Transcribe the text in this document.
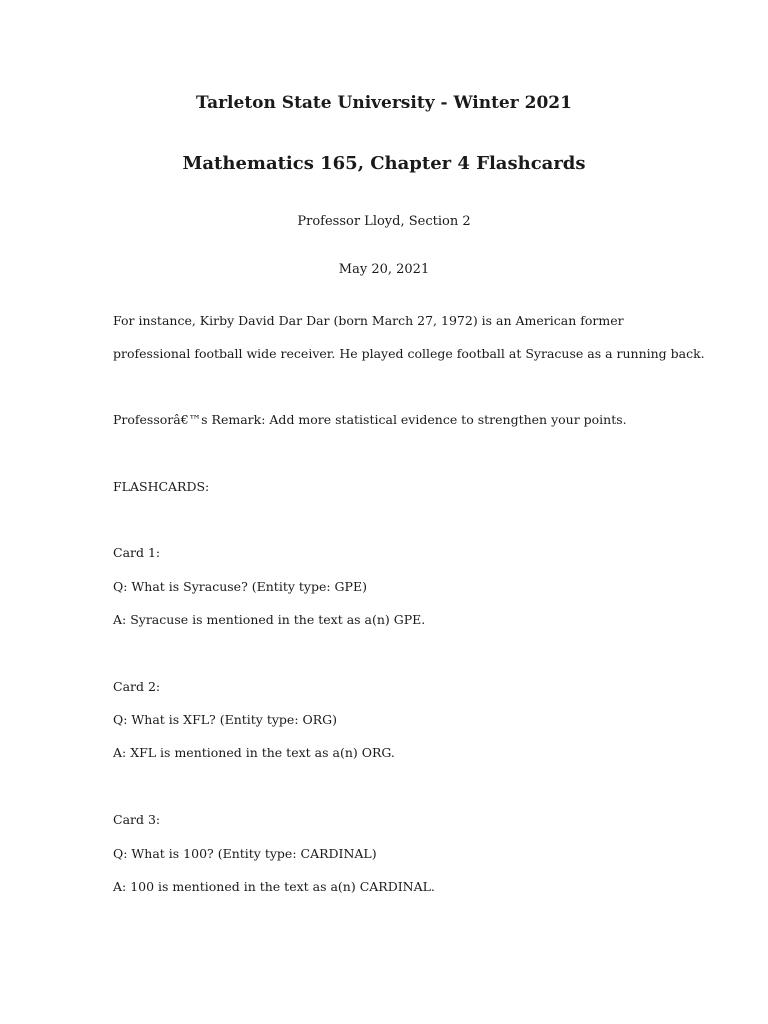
Tarleton State University - Winter 2021
Mathematics 165, Chapter 4 Flashcards

Professor Lloyd, Section 2

May 20, 2021

For instance, Kirby David Dar Dar (born March 27, 1972) is an American former

professional football wide receiver. He played college football at Syracuse as a running back.

Professorâ€™s Remark: Add more statistical evidence to strengthen your points.

FLASHCARDS:

Card 1:

Q: What is Syracuse? (Entity type: GPE)

A: Syracuse is mentioned in the text as a(n) GPE.

Card 2:

Q: What is XFL? (Entity type: ORG)

A: XFL is mentioned in the text as a(n) ORG.

Card 3:

Q: What is 100? (Entity type: CARDINAL)

A: 100 is mentioned in the text as a(n) CARDINAL.
